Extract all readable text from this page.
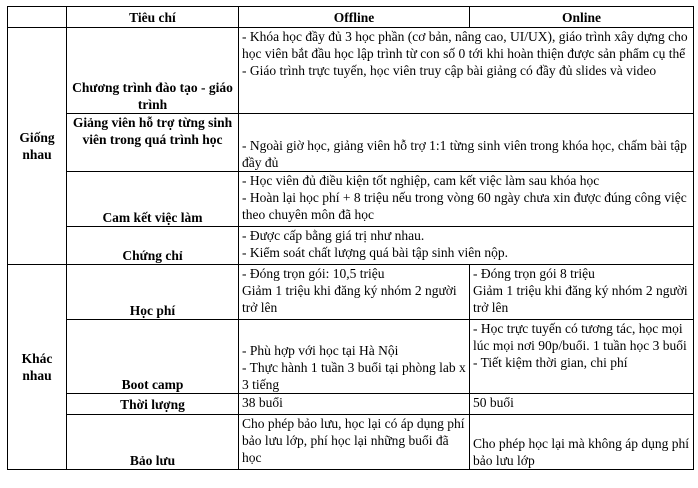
	Tiêu chí	Offline	Online
Giống nhau	Chương trình đào tạo - giáo trình	- Khóa học đầy đủ 3 học phần (cơ bản, nâng cao, UI/UX), giáo trình xây dựng cho học viên bắt đầu học lập trình từ con số 0 tới khi hoàn thiện được sản phẩm cụ thể
- Giáo trình trực tuyến, học viên truy cập bài giảng có đầy đủ slides và video	

	Giảng viên hỗ trợ từng sinh viên trong quá trình học	- Ngoài giờ học, giảng viên hỗ trợ 1:1 từng sinh viên trong khóa học, chấm bài tập đầy đủ	

	Cam kết việc làm	- Học viên đủ điều kiện tốt nghiệp, cam kết việc làm sau khóa học
- Hoàn lại học phí + 8 triệu nếu trong vòng 60 ngày chưa xin được đúng công việc theo chuyên môn đã học	

	Chứng chỉ	- Được cấp bằng giá trị như nhau.
- Kiểm soát chất lượng quá bài tập sinh viên nộp.	

Khác nhau	Học phí	- Đóng trọn gói: 10,5 triệu
Giảm 1 triệu khi đăng ký nhóm 2 người trở lên	- Đóng trọn gói 8 triệu
Giảm 1 triệu khi đăng ký nhóm 2 người trở lên

	Boot camp	- Phù hợp với học tại Hà Nội
- Thực hành 1 tuần 3 buổi tại phòng lab x 3 tiếng	- Học trực tuyến có tương tác, học mọi lúc mọi nơi 90p/buổi. 1 tuần học 3 buổi
- Tiết kiệm thời gian, chi phí

	Thời lượng	38 buổi	50 buổi

	Bảo lưu	Cho phép bảo lưu, học lại có áp dụng phí bảo lưu lớp, phí học lại những buổi đã học	Cho phép học lại mà không áp dụng phí bảo lưu lớp
